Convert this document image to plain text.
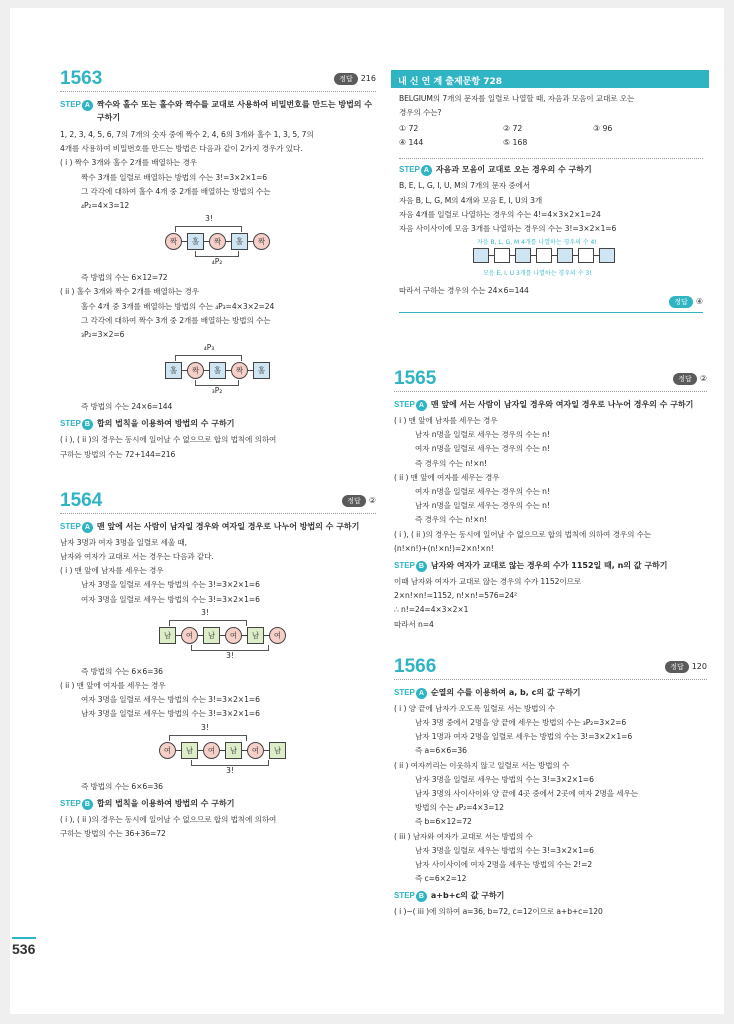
1563	정답 216
STEP A 짝수와 홀수 또는 홀수와 짝수를 교대로 사용하여 비밀번호를 만드는 방법의 수 구하기
1, 2, 3, 4, 5, 6, 7의 7개의 숫자 중에 짝수 2, 4, 6의 3개와 홀수 1, 3, 5, 7의
4개를 사용하여 비밀번호를 만드는 방법은 다음과 같이 2가지 경우가 있다.
( i ) 짝수 3개와 홀수 2개를 배열하는 경우
짝수 3개를 일렬로 배열하는 방법의 수는 3!=3×2×1=6
그 각각에 대하여 홀수 4개 중 2개를 배열하는 방법의 수는
₄P₂=4×3=12
3!
짝	홀	짝	홀	짝
₄P₂
즉 방법의 수는 6×12=72
( ii ) 홀수 3개와 짝수 2개를 배열하는 경우
홀수 4개 중 3개를 배열하는 방법의 수는 ₄P₃=4×3×2=24
그 각각에 대하여 짝수 3개 중 2개를 배열하는 방법의 수는
₃P₂=3×2=6
₄P₃
홀	짝	홀	짝	홀
₃P₂
즉 방법의 수는 24×6=144
STEP B 합의 법칙을 이용하여 방법의 수 구하기
( i ), ( ii )의 경우는 동시에 일어날 수 없으므로 합의 법칙에 의하여
구하는 방법의 수는 72+144=216
1564	정답 ②
STEP A 맨 앞에 서는 사람이 남자일 경우와 여자일 경우로 나누어 방법의 수 구하기
남자 3명과 여자 3명을 일렬로 세울 때,
남자와 여자가 교대로 서는 경우는 다음과 같다.
( i ) 맨 앞에 남자를 세우는 경우
남자 3명을 일렬로 세우는 방법의 수는 3!=3×2×1=6
여자 3명을 일렬로 세우는 방법의 수는 3!=3×2×1=6
3!
남	여	남	여	남	여
3!
즉 방법의 수는 6×6=36
( ii ) 맨 앞에 여자를 세우는 경우
여자 3명을 일렬로 세우는 방법의 수는 3!=3×2×1=6
남자 3명을 일렬로 세우는 방법의 수는 3!=3×2×1=6
3!
여	남	여	남	여	남
3!
즉 방법의 수는 6×6=36
STEP B 합의 법칙을 이용하여 방법의 수 구하기
( i ), ( ii )의 경우는 동시에 일어날 수 없으므로 합의 법칙에 의하여
구하는 방법의 수는 36+36=72
내 신 연 계 출제문항 728
BELGIUM의 7개의 문자를 일렬로 나열할 때, 자음과 모음이 교대로 오는
경우의 수는?
① 72	② 72	③ 96
④ 144	⑤ 168
STEP A 자음과 모음이 교대로 오는 경우의 수 구하기
B, E, L, G, I, U, M의 7개의 문자 중에서
자음 B, L, G, M의 4개와 모음 E, I, U의 3개
자음 4개를 일렬로 나열하는 경우의 수는 4!=4×3×2×1=24
자음 사이사이에 모음 3개를 나열하는 경우의 수는 3!=3×2×1=6
자음 B, L, G, M 4개를 나열하는 경우의 수 4!
모음 E, I, U 3개를 나열하는 경우의 수 3!
따라서 구하는 경우의 수는 24×6=144
정답 ④
1565	정답 ②
STEP A 맨 앞에 서는 사람이 남자일 경우와 여자일 경우로 나누어 경우의 수 구하기
( i ) 맨 앞에 남자를 세우는 경우
남자 n명을 일렬로 세우는 경우의 수는 n!
여자 n명을 일렬로 세우는 경우의 수는 n!
즉 경우의 수는 n!×n!
( ii ) 맨 앞에 여자를 세우는 경우
여자 n명을 일렬로 세우는 경우의 수는 n!
남자 n명을 일렬로 세우는 경우의 수는 n!
즉 경우의 수는 n!×n!
( i ), ( ii )의 경우는 동시에 일어날 수 없으므로 합의 법칙에 의하여 경우의 수는
(n!×n!)+(n!×n!)=2×n!×n!
STEP B 남자와 여자가 교대로 않는 경우의 수가 1152일 때, n의 값 구하기
이때 남자와 여자가 교대로 않는 경우의 수가 1152이므로
2×n!×n!=1152, n!×n!=576=24²
∴ n!=24=4×3×2×1
따라서 n=4
1566	정답 120
STEP A 순열의 수를 이용하여 a, b, c의 값 구하기
( i ) 양 끝에 남자가 오도록 일렬로 서는 방법의 수
남자 3명 중에서 2명을 양 끝에 세우는 방법의 수는 ₃P₂=3×2=6
남자 1명과 여자 2명을 일렬로 세우는 방법의 수는 3!=3×2×1=6
즉 a=6×6=36
( ii ) 여자끼리는 이웃하지 않고 일렬로 서는 방법의 수
남자 3명을 일렬로 세우는 방법의 수는 3!=3×2×1=6
남자 3명의 사이사이와 양 끝에 4곳 중에서 2곳에 여자 2명을 세우는
방법의 수는 ₄P₂=4×3=12
즉 b=6×12=72
( iii ) 남자와 여자가 교대로 서는 방법의 수
남자 3명을 일렬로 세우는 방법의 수는 3!=3×2×1=6
남자 사이사이에 여자 2명을 세우는 방법의 수는 2!=2
즉 c=6×2=12
STEP B a+b+c의 값 구하기
( i )~( iii )에 의하여 a=36, b=72, c=12이므로 a+b+c=120
536
